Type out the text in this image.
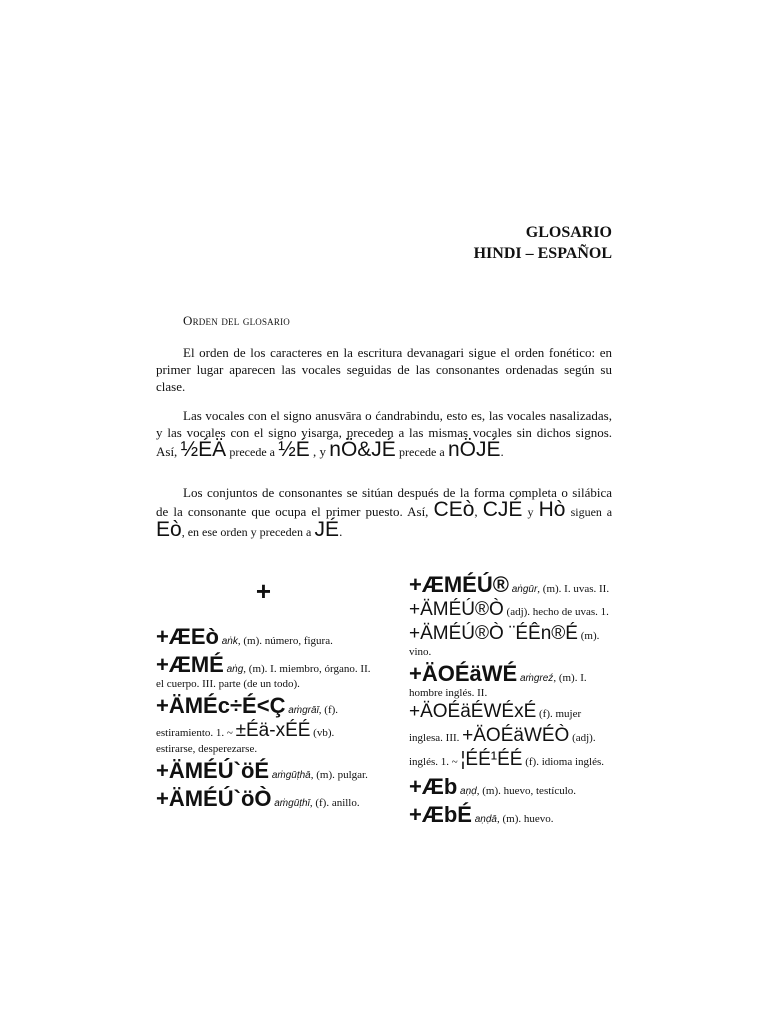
GLOSARIO
HINDI – ESPAÑOL
Orden del glosario

El orden de los caracteres en la escritura devanagari sigue el orden fonético: en primer lugar aparecen las vocales seguidas de las consonantes ordenadas según su clase.

Las vocales con el signo anusvāra o ćandrabindu, esto es, las vocales nasalizadas, y las vocales con el signo visarga, preceden a las mismas vocales sin dichos signos. Así, ½ÉÄ precede a ½É , y nÖ&JÉ precede a nÖJÉ.

Los conjuntos de consonantes se sitúan después de la forma completa o silábica de la consonante que ocupa el primer puesto. Así, CEò, CJÉ y Hò siguen a Eò, en ese orden y preceden a JÉ.

+
+ÆEò aṅk, (m). número, figura.
+ÆMÉ aṅg, (m). I. miembro, órgano. II. el cuerpo. III. parte (de un todo).
+ÄMÉc÷É<Ç aṁgrāī, (f). estiramiento. 1. ~ ±Éä-xÉÉ (vb). estirarse, desperezarse.
+ÄMÉÚ`öÉ aṁgūṭhā, (m). pulgar.
+ÄMÉÚ`öÒ aṁgūṭhī, (f). anillo.
+ÆMÉÚ® aṅgūr, (m). I. uvas. II. +ÄMÉÚ®Ò (adj). hecho de uvas. 1. +ÄMÉÚ®Ò ¨ÉÊn®É (m). vino.
+ÄOÉäWÉ aṁgreź, (m). I. hombre inglés. II. +ÄOÉäÉWÉxÉ (f). mujer inglesa. III. +ÄOÉäWÉÒ (adj). inglés. 1. ~ ¦ÉÉ¹ÉÉ (f). idioma inglés.
+Æb aṇḍ, (m). huevo, testículo.
+ÆbÉ aṇḍā, (m). huevo.
